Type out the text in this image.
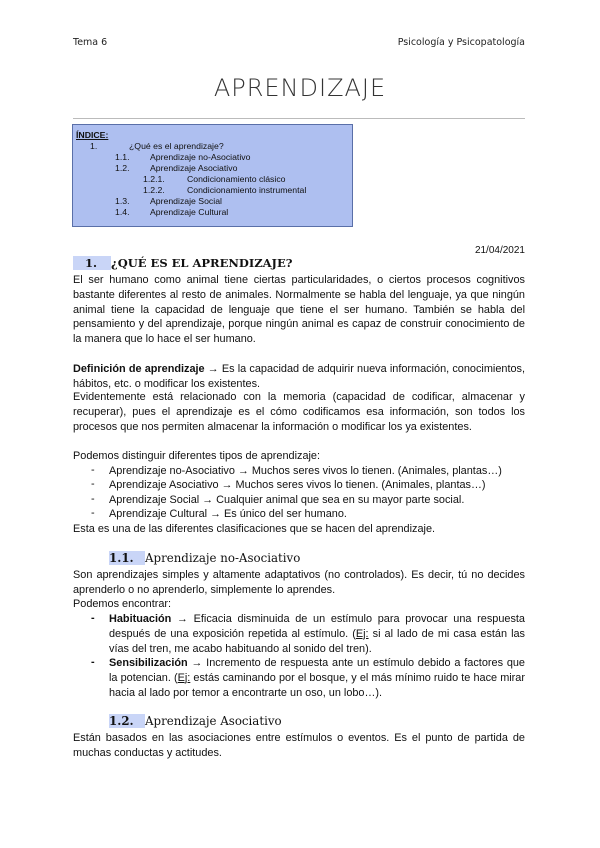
Tema 6	Psicología y Psicopatología
APRENDIZAJE
ÍNDICE:
1.	¿Qué es el aprendizaje?
1.1. Aprendizaje no-Asociativo
1.2. Aprendizaje Asociativo
1.2.1.	Condicionamiento clásico
1.2.2.	Condicionamiento instrumental
1.3. Aprendizaje Social
1.4. Aprendizaje Cultural
21/04/2021
1. ¿QUÉ ES EL APRENDIZAJE?
El ser humano como animal tiene ciertas particularidades, o ciertos procesos cognitivos bastante diferentes al resto de animales. Normalmente se habla del lenguaje, ya que ningún animal tiene la capacidad de lenguaje que tiene el ser humano. También se habla del pensamiento y del aprendizaje, porque ningún animal es capaz de construir conocimiento de la manera que lo hace el ser humano.
Definición de aprendizaje → Es la capacidad de adquirir nueva información, conocimientos, hábitos, etc. o modificar los existentes.
Evidentemente está relacionado con la memoria (capacidad de codificar, almacenar y recuperar), pues el aprendizaje es el cómo codificamos esa información, son todos los procesos que nos permiten almacenar la información o modificar los ya existentes.
Podemos distinguir diferentes tipos de aprendizaje:
- Aprendizaje no-Asociativo → Muchos seres vivos lo tienen. (Animales, plantas…)
- Aprendizaje Asociativo → Muchos seres vivos lo tienen. (Animales, plantas…)
- Aprendizaje Social → Cualquier animal que sea en su mayor parte social.
- Aprendizaje Cultural → Es único del ser humano.
Esta es una de las diferentes clasificaciones que se hacen del aprendizaje.
1.1. Aprendizaje no-Asociativo
Son aprendizajes simples y altamente adaptativos (no controlados). Es decir, tú no decides aprenderlo o no aprenderlo, simplemente lo aprendes.
Podemos encontrar:
- Habituación → Eficacia disminuida de un estímulo para provocar una respuesta después de una exposición repetida al estímulo. (Ej: si al lado de mi casa están las vías del tren, me acabo habituando al sonido del tren).
- Sensibilización → Incremento de respuesta ante un estímulo debido a factores que la potencian. (Ej: estás caminando por el bosque, y el más mínimo ruido te hace mirar hacia al lado por temor a encontrarte un oso, un lobo…).
1.2. Aprendizaje Asociativo
Están basados en las asociaciones entre estímulos o eventos. Es el punto de partida de muchas conductas y actitudes.
